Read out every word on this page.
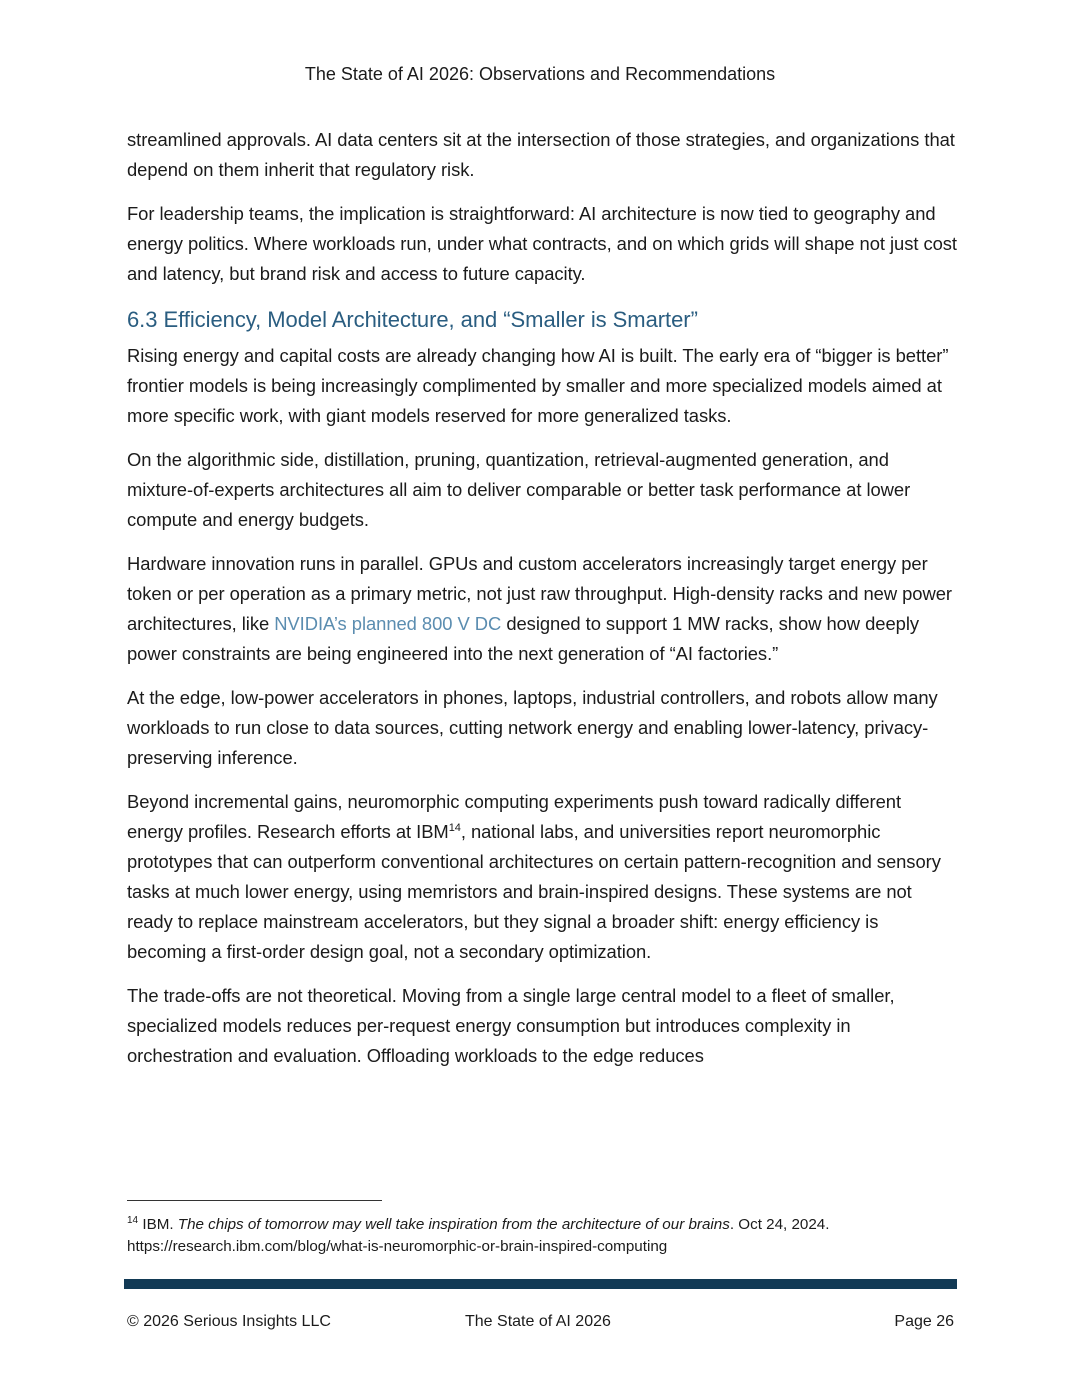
The State of AI 2026: Observations and Recommendations

streamlined approvals. AI data centers sit at the intersection of those strategies, and organizations that depend on them inherit that regulatory risk.

For leadership teams, the implication is straightforward: AI architecture is now tied to geography and energy politics. Where workloads run, under what contracts, and on which grids will shape not just cost and latency, but brand risk and access to future capacity.

6.3 Efficiency, Model Architecture, and “Smaller is Smarter”

Rising energy and capital costs are already changing how AI is built. The early era of “bigger is better” frontier models is being increasingly complimented by smaller and more specialized models aimed at more specific work, with giant models reserved for more generalized tasks.

On the algorithmic side, distillation, pruning, quantization, retrieval-augmented generation, and mixture-of-experts architectures all aim to deliver comparable or better task performance at lower compute and energy budgets.

Hardware innovation runs in parallel. GPUs and custom accelerators increasingly target energy per token or per operation as a primary metric, not just raw throughput. High-density racks and new power architectures, like NVIDIA’s planned 800 V DC designed to support 1 MW racks, show how deeply power constraints are being engineered into the next generation of “AI factories.”

At the edge, low-power accelerators in phones, laptops, industrial controllers, and robots allow many workloads to run close to data sources, cutting network energy and enabling lower-latency, privacy-preserving inference.

Beyond incremental gains, neuromorphic computing experiments push toward radically different energy profiles. Research efforts at IBM$^{14}$, national labs, and universities report neuromorphic prototypes that can outperform conventional architectures on certain pattern-recognition and sensory tasks at much lower energy, using memristors and brain-inspired designs. These systems are not ready to replace mainstream accelerators, but they signal a broader shift: energy efficiency is becoming a first-order design goal, not a secondary optimization.

The trade-offs are not theoretical. Moving from a single large central model to a fleet of smaller, specialized models reduces per-request energy consumption but introduces complexity in orchestration and evaluation. Offloading workloads to the edge reduces

$^{14}$ IBM. The chips of tomorrow may well take inspiration from the architecture of our brains. Oct 24, 2024.
https://research.ibm.com/blog/what-is-neuromorphic-or-brain-inspired-computing
© 2026 Serious Insights LLC	The State of AI 2026	Page 26
